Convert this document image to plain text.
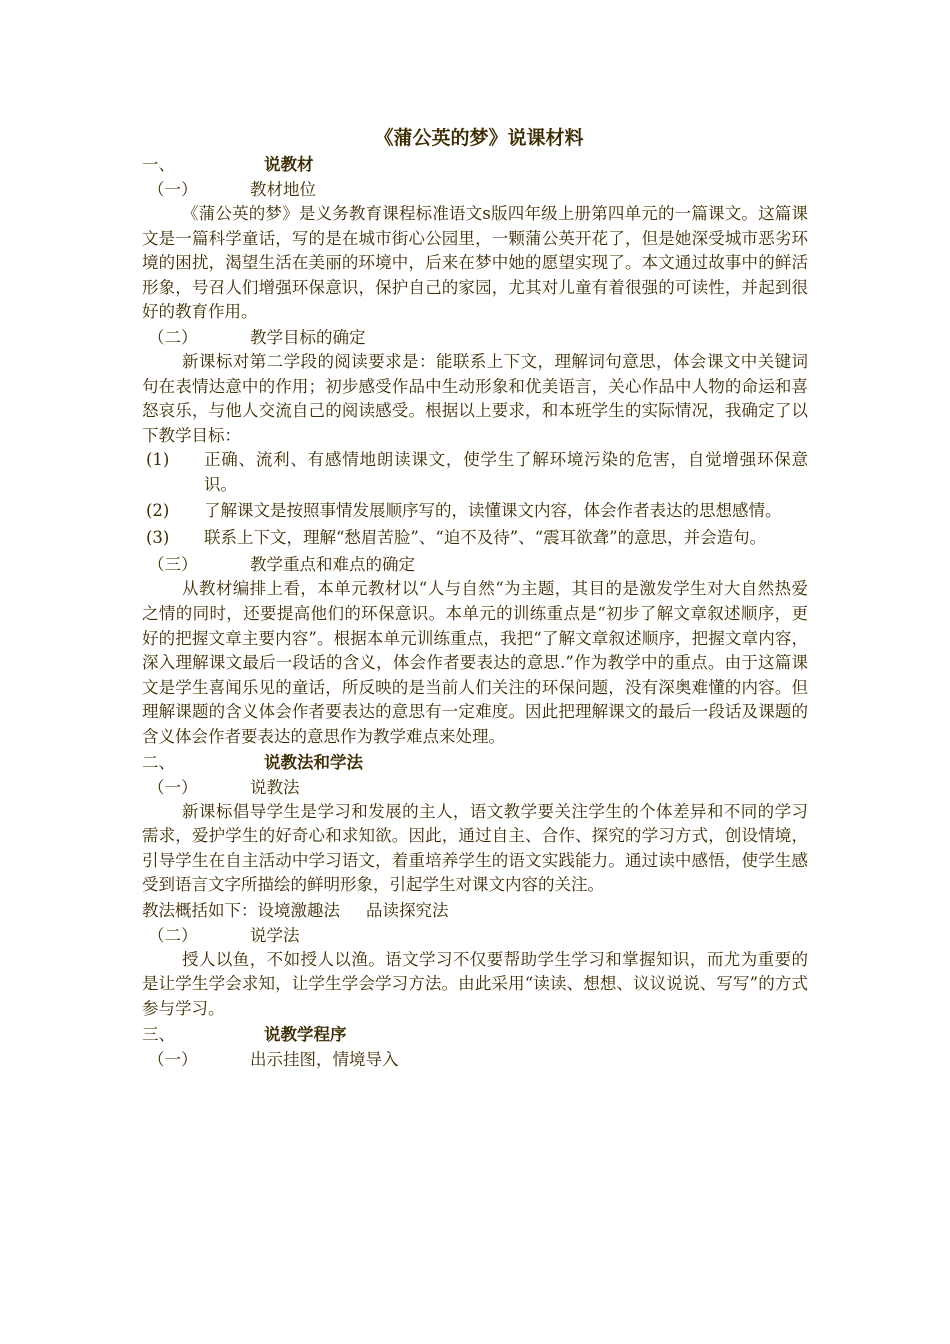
《蒲公英的梦》说课材料
一、	说教材
（一）	教材地位
《蒲公英的梦》是义务教育课程标准语文s版四年级上册第四单元的一篇课文。这篇课文是一篇科学童话，写的是在城市街心公园里，一颗蒲公英开花了，但是她深受城市恶劣环境的困扰，渴望生活在美丽的环境中，后来在梦中她的愿望实现了。本文通过故事中的鲜活形象，号召人们增强环保意识，保护自己的家园，尤其对儿童有着很强的可读性，并起到很好的教育作用。
（二）	教学目标的确定
新课标对第二学段的阅读要求是：能联系上下文，理解词句意思，体会课文中关键词句在表情达意中的作用；初步感受作品中生动形象和优美语言，关心作品中人物的命运和喜怒哀乐，与他人交流自己的阅读感受。根据以上要求，和本班学生的实际情况，我确定了以下教学目标：
(1) 正确、流利、有感情地朗读课文，使学生了解环境污染的危害，自觉增强环保意识。
(2) 了解课文是按照事情发展顺序写的，读懂课文内容，体会作者表达的思想感情。
(3) 联系上下文，理解“愁眉苦脸”、“迫不及待”、“震耳欲聋”的意思，并会造句。
（三）	教学重点和难点的确定
从教材编排上看，本单元教材以“人与自然“为主题，其目的是激发学生对大自然热爱之情的同时，还要提高他们的环保意识。本单元的训练重点是“初步了解文章叙述顺序，更好的把握文章主要内容”。根据本单元训练重点，我把“了解文章叙述顺序，把握文章内容，深入理解课文最后一段话的含义，体会作者要表达的意思.”作为教学中的重点。由于这篇课文是学生喜闻乐见的童话，所反映的是当前人们关注的环保问题，没有深奥难懂的内容。但理解课题的含义体会作者要表达的意思有一定难度。因此把理解课文的最后一段话及课题的含义体会作者要表达的意思作为教学难点来处理。
二、	说教法和学法
（一）	说教法
新课标倡导学生是学习和发展的主人，语文教学要关注学生的个体差异和不同的学习需求，爱护学生的好奇心和求知欲。因此，通过自主、合作、探究的学习方式，创设情境，引导学生在自主活动中学习语文，着重培养学生的语文实践能力。通过读中感悟，使学生感受到语言文字所描绘的鲜明形象，引起学生对课文内容的关注。
教法概括如下：设境激趣法 品读探究法
（二）	说学法
授人以鱼，不如授人以渔。语文学习不仅要帮助学生学习和掌握知识，而尤为重要的是让学生学会求知，让学生学会学习方法。由此采用“读读、想想、议议说说、写写”的方式参与学习。
三、	说教学程序
（一）	出示挂图，情境导入
